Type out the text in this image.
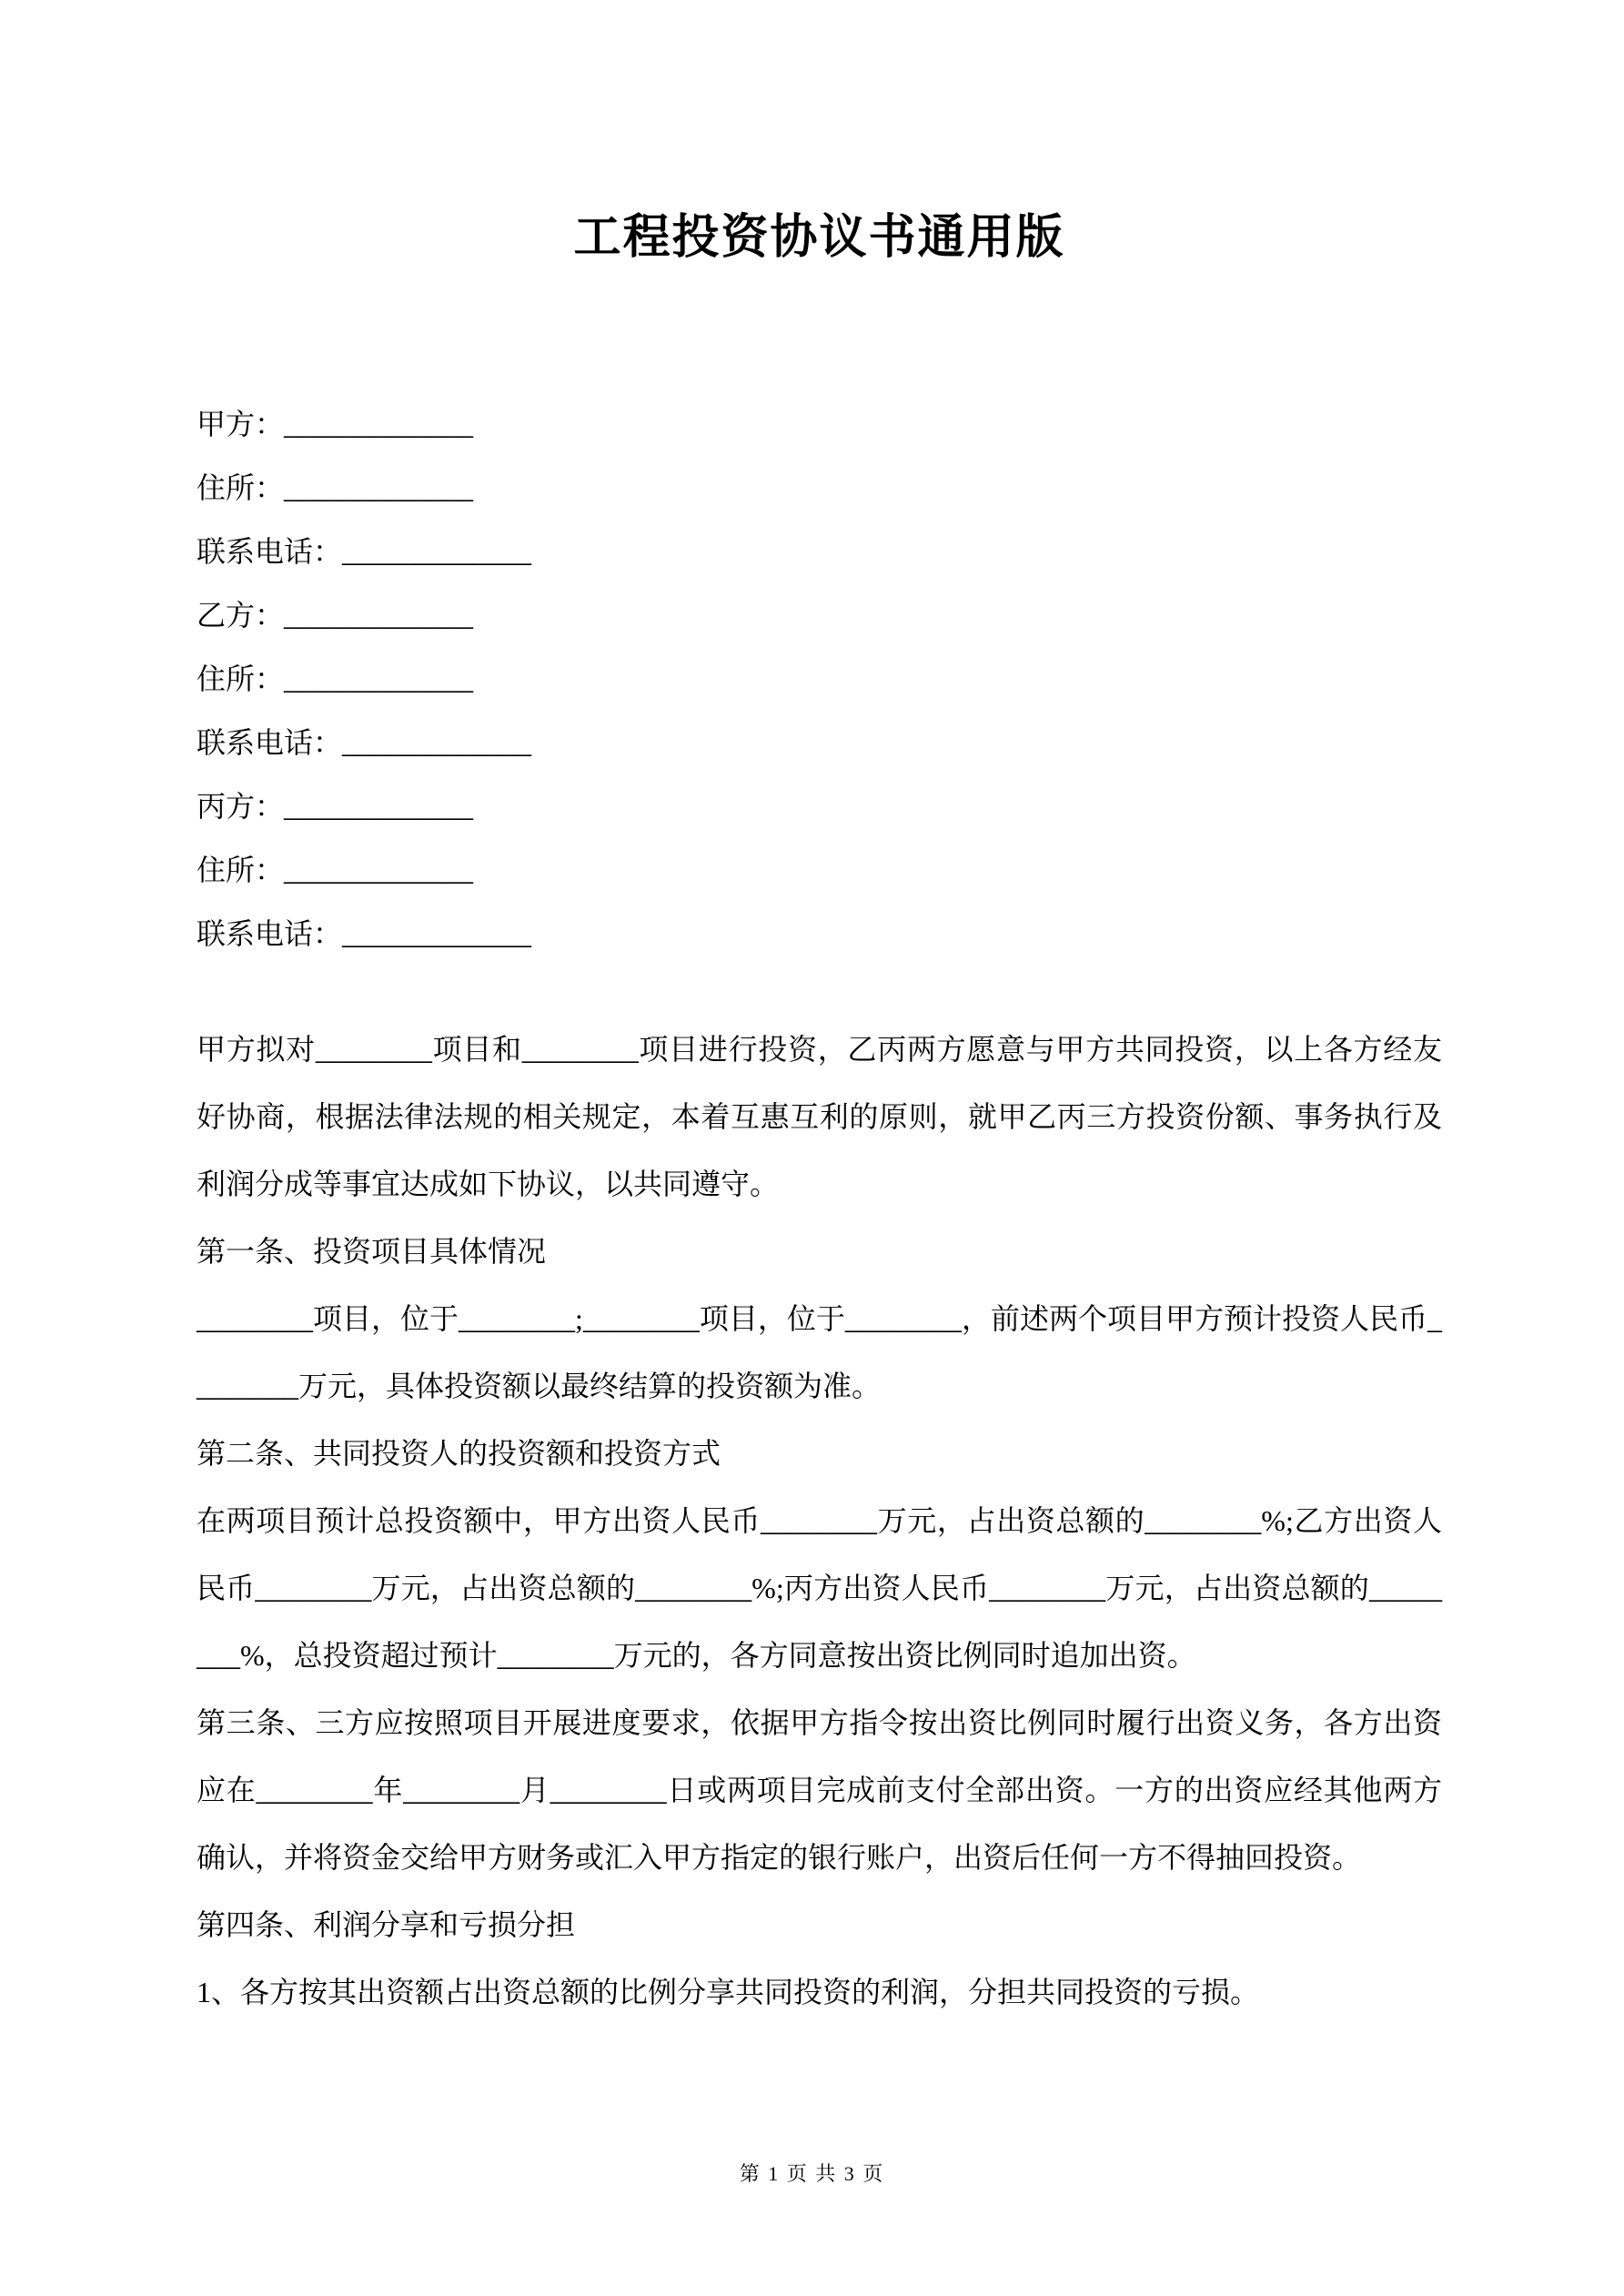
工程投资协议书通用版

甲方：_____________

住所：_____________

联系电话：_____________

乙方：_____________

住所：_____________

联系电话：_____________

丙方：_____________

住所：_____________

联系电话：_____________

甲方拟对________项目和________项目进行投资，乙丙两方愿意与甲方共同投资，以上各方经友好协商，根据法律法规的相关规定，本着互惠互利的原则，就甲乙丙三方投资份额、事务执行及利润分成等事宜达成如下协议，以共同遵守。

第一条、投资项目具体情况

________项目，位于________;________项目，位于________，前述两个项目甲方预计投资人民币________万元，具体投资额以最终结算的投资额为准。

第二条、共同投资人的投资额和投资方式

在两项目预计总投资额中，甲方出资人民币________万元，占出资总额的________%;乙方出资人民币________万元，占出资总额的________%;丙方出资人民币________万元，占出资总额的________%，总投资超过预计________万元的，各方同意按出资比例同时追加出资。

第三条、三方应按照项目开展进度要求，依据甲方指令按出资比例同时履行出资义务，各方出资应在________年________月________日或两项目完成前支付全部出资。一方的出资应经其他两方确认，并将资金交给甲方财务或汇入甲方指定的银行账户，出资后任何一方不得抽回投资。

第四条、利润分享和亏损分担

1、各方按其出资额占出资总额的比例分享共同投资的利润，分担共同投资的亏损。

第 1 页 共 3 页
